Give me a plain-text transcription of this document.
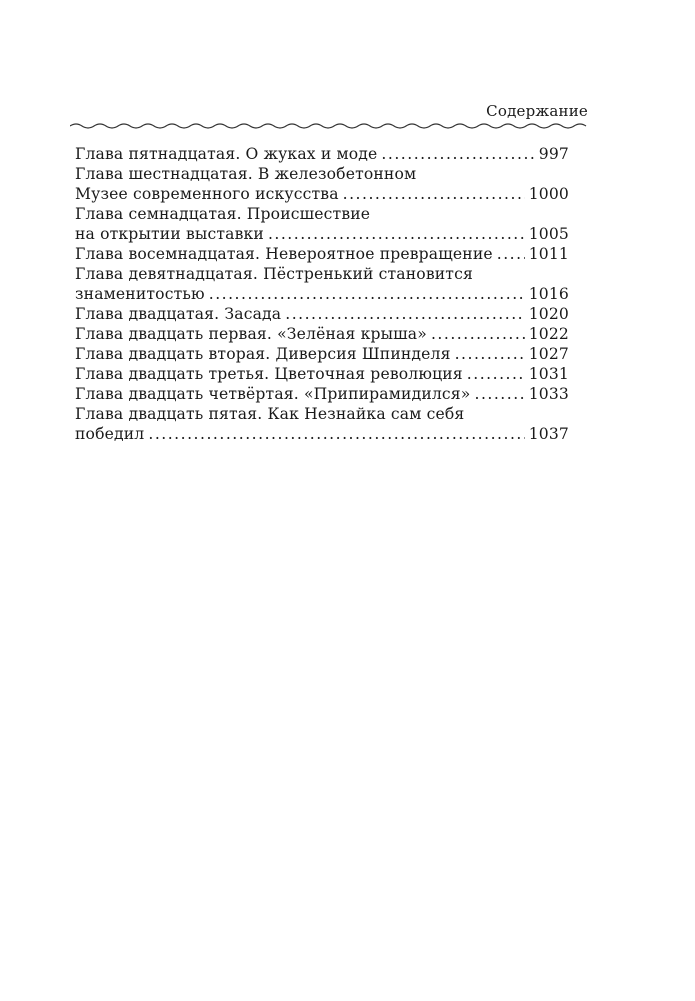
Содержание
Глава пятнадцатая. О жуках и моде .....	997
Глава шестнадцатая. В железобетонном
Музее современного искусства .....	1000
Глава семнадцатая. Происшествие
на открытии выставки .....	1005
Глава восемнадцатая. Невероятное превращение ..... 1011
Глава девятнадцатая. Пёстренький становится
знаменитостью .....	1016
Глава двадцатая. Засада .....	1020
Глава двадцать первая. «Зелёная крыша» .....	1022
Глава двадцать вторая. Диверсия Шпинделя .....	1027
Глава двадцать третья. Цветочная революция .....	1031
Глава двадцать четвёртая. «Припирамидился» .....	1033
Глава двадцать пятая. Как Незнайка сам себя
победил .....	1037
